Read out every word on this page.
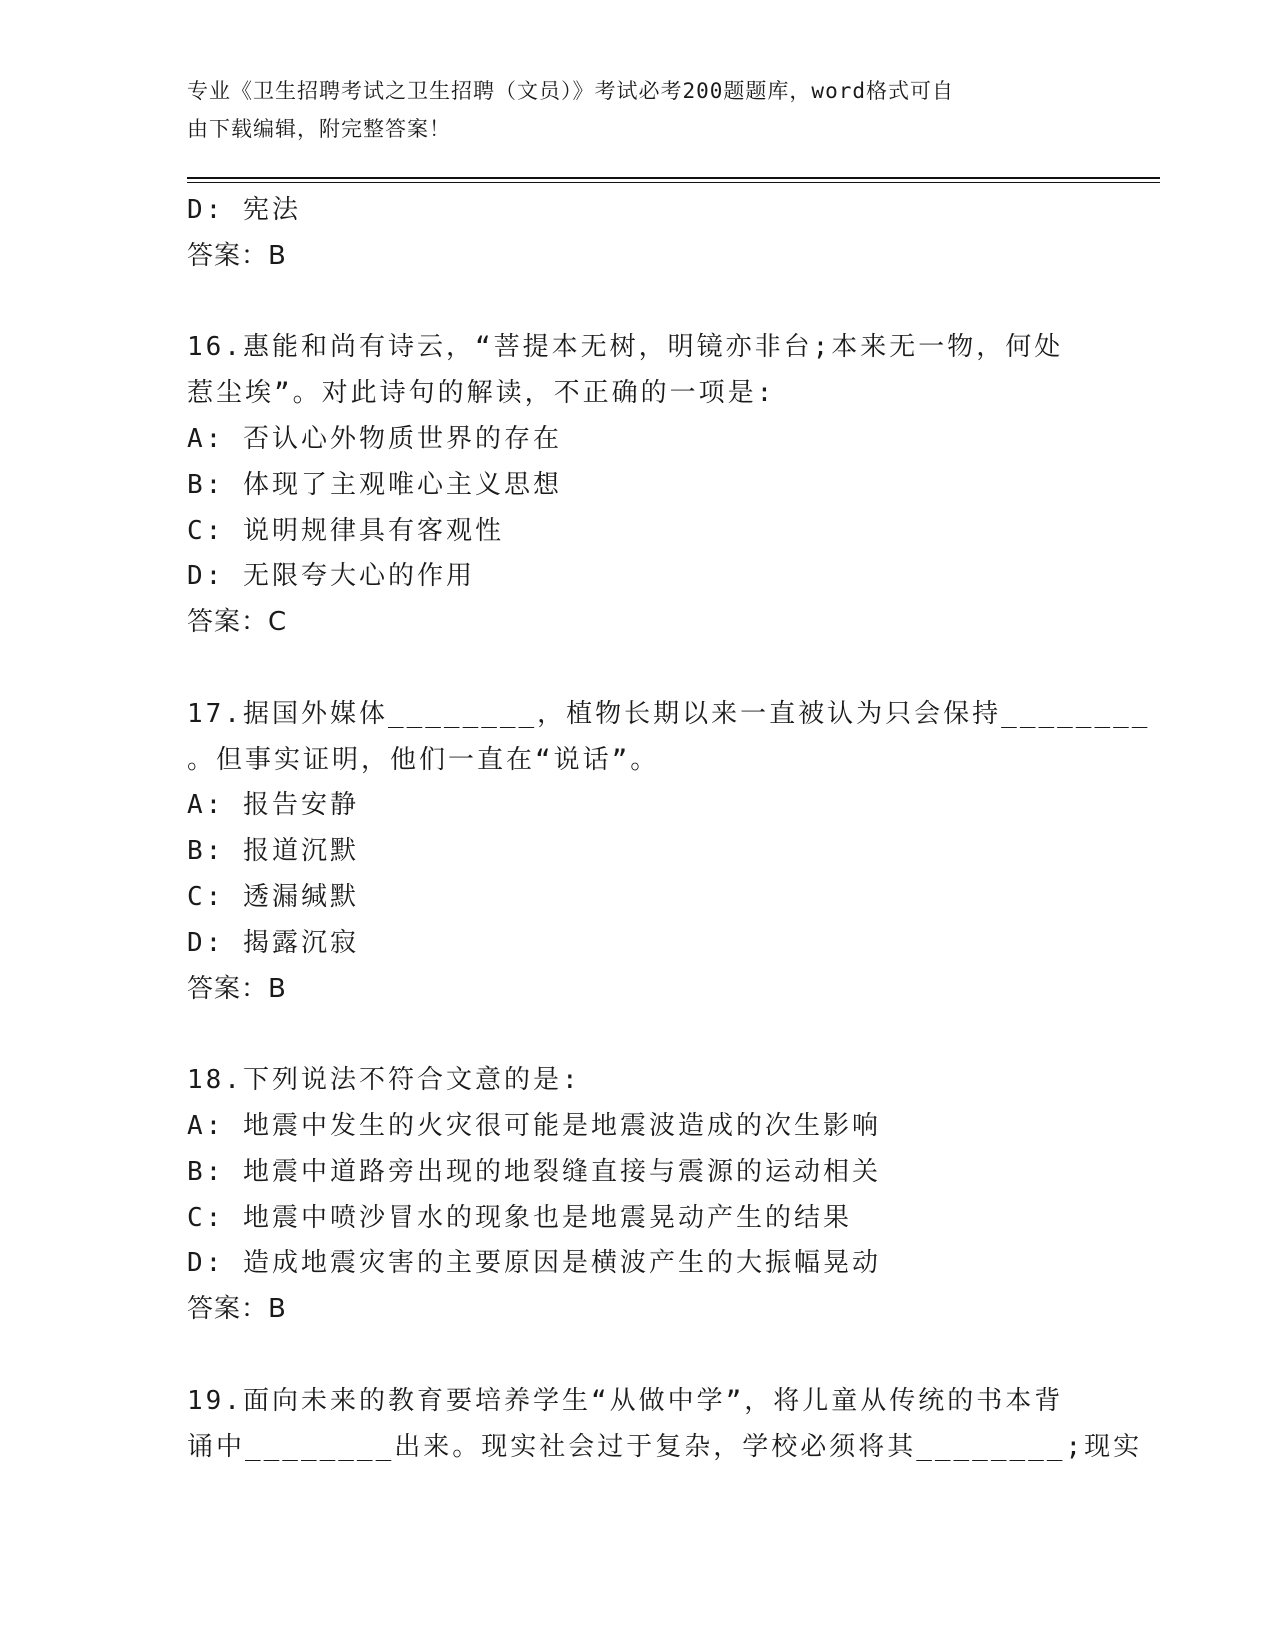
专业《卫生招聘考试之卫生招聘（文员）》考试必考200题题库，word格式可自
由下载编辑，附完整答案！
D: 宪法
答案：B
16.惠能和尚有诗云，“菩提本无树，明镜亦非台;本来无一物，何处
惹尘埃”。对此诗句的解读，不正确的一项是:
A: 否认心外物质世界的存在
B: 体现了主观唯心主义思想
C: 说明规律具有客观性
D: 无限夸大心的作用
答案：C
17.据国外媒体________，植物长期以来一直被认为只会保持________
。但事实证明，他们一直在“说话”。
A: 报告安静
B: 报道沉默
C: 透漏缄默
D: 揭露沉寂
答案：B
18.下列说法不符合文意的是:
A: 地震中发生的火灾很可能是地震波造成的次生影响
B: 地震中道路旁出现的地裂缝直接与震源的运动相关
C: 地震中喷沙冒水的现象也是地震晃动产生的结果
D: 造成地震灾害的主要原因是横波产生的大振幅晃动
答案：B
19.面向未来的教育要培养学生“从做中学”，将儿童从传统的书本背
诵中________出来。现实社会过于复杂，学校必须将其________;现实
